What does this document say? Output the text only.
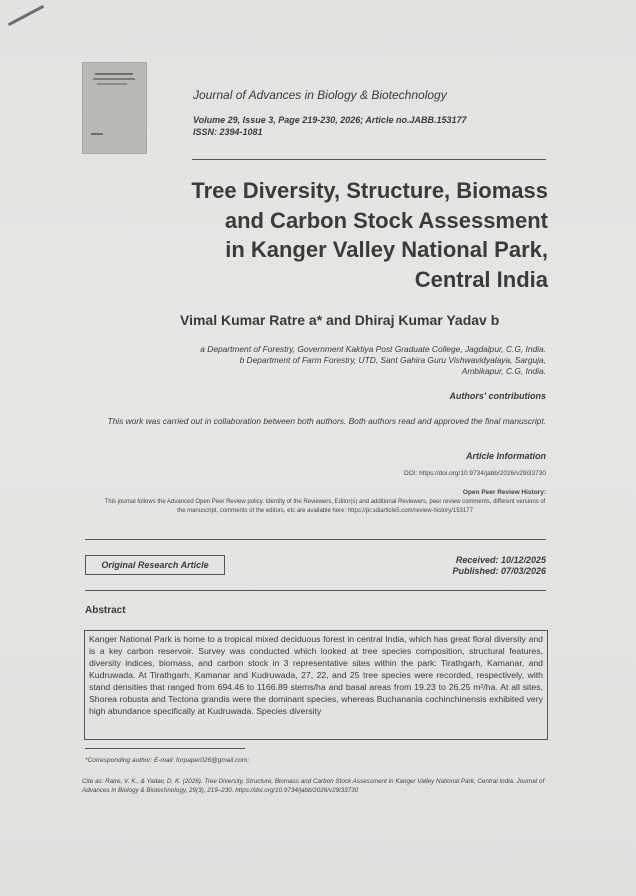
Journal of Advances in Biology & Biotechnology
Volume 29, Issue 3, Page 219-230, 2026; Article no.JABB.153177
ISSN: 2394-1081
Tree Diversity, Structure, Biomass
and Carbon Stock Assessment
in Kanger Valley National Park,
Central India
Vimal Kumar Ratre a* and Dhiraj Kumar Yadav b
a Department of Forestry, Government Kaktiya Post Graduate College, Jagdalpur, C.G, India.
b Department of Farm Forestry, UTD, Sant Gahira Guru Vishwavidyalaya, Sarguja,
Ambikapur, C.G, India.
Authors' contributions
This work was carried out in collaboration between both authors. Both authors read and approved the final manuscript.
Article Information
DOI: https://doi.org/10.9734/jabb/2026/v29i33730
Open Peer Review History:
This journal follows the Advanced Open Peer Review policy. Identity of the Reviewers, Editor(s) and additional Reviewers, peer review comments, different versions of the manuscript, comments of the editors, etc are available here: https://pr.sdiarticle5.com/review-history/153177
Original Research Article	Received: 10/12/2025
Published: 07/03/2026
Abstract

Kanger National Park is home to a tropical mixed deciduous forest in central India, which has great floral diversity and is a key carbon reservoir. Survey was conducted which looked at tree species composition, structural features, diversity indices, biomass, and carbon stock in 3 representative sites within the park: Tirathgarh, Kamanar, and Kudruwada. At Tirathgarh, Kamanar and Kudruwada, 27, 22, and 25 tree species were recorded, respectively, with stand densities that ranged from 694.46 to 1166.89 stems/ha and basal areas from 19.23 to 26.25 m²/ha. At all sites, Shorea robusta and Tectona grandis were the dominant species, whereas Buchanania cochinchinensis exhibited very high abundance specifically at Kudruwada. Species diversity

*Corresponding author: E-mail: forpaper026@gmail.com;
Cite as: Ratre, V. K., & Yadav, D. K. (2026). Tree Diversity, Structure, Biomass and Carbon Stock Assessment in Kanger Valley National Park, Central India. Journal of Advances in Biology & Biotechnology, 29(3), 219–230. https://doi.org/10.9734/jabb/2026/v29i33730
